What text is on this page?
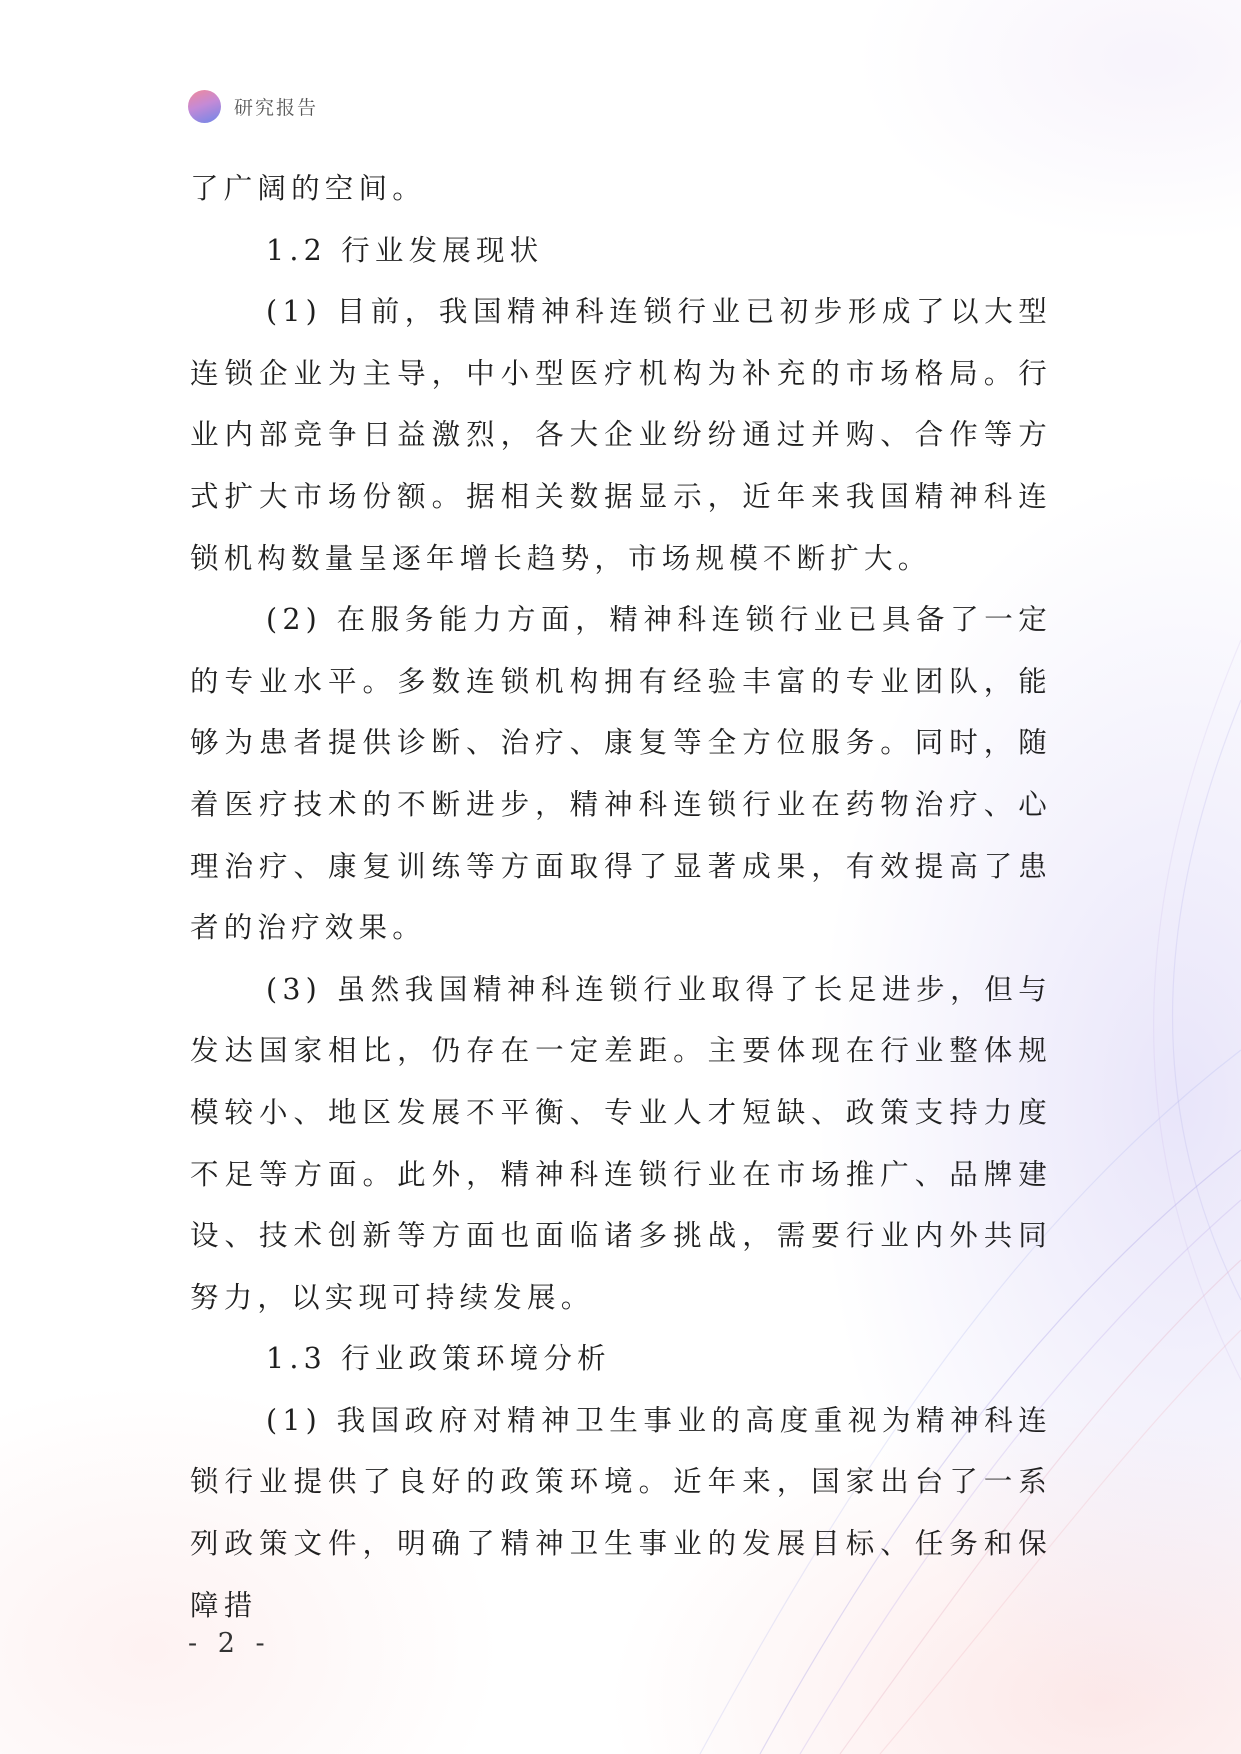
研究报告

了广阔的空间。

1.2 行业发展现状

(1) 目前，我国精神科连锁行业已初步形成了以大型连锁企业为主导，中小型医疗机构为补充的市场格局。行业内部竞争日益激烈，各大企业纷纷通过并购、合作等方式扩大市场份额。据相关数据显示，近年来我国精神科连锁机构数量呈逐年增长趋势，市场规模不断扩大。

(2) 在服务能力方面，精神科连锁行业已具备了一定的专业水平。多数连锁机构拥有经验丰富的专业团队，能够为患者提供诊断、治疗、康复等全方位服务。同时，随着医疗技术的不断进步，精神科连锁行业在药物治疗、心理治疗、康复训练等方面取得了显著成果，有效提高了患者的治疗效果。

(3) 虽然我国精神科连锁行业取得了长足进步，但与发达国家相比，仍存在一定差距。主要体现在行业整体规模较小、地区发展不平衡、专业人才短缺、政策支持力度不足等方面。此外，精神科连锁行业在市场推广、品牌建设、技术创新等方面也面临诸多挑战，需要行业内外共同努力，以实现可持续发展。

1.3 行业政策环境分析

(1) 我国政府对精神卫生事业的高度重视为精神科连锁行业提供了良好的政策环境。近年来，国家出台了一系列政策文件，明确了精神卫生事业的发展目标、任务和保障措

- 2 -
